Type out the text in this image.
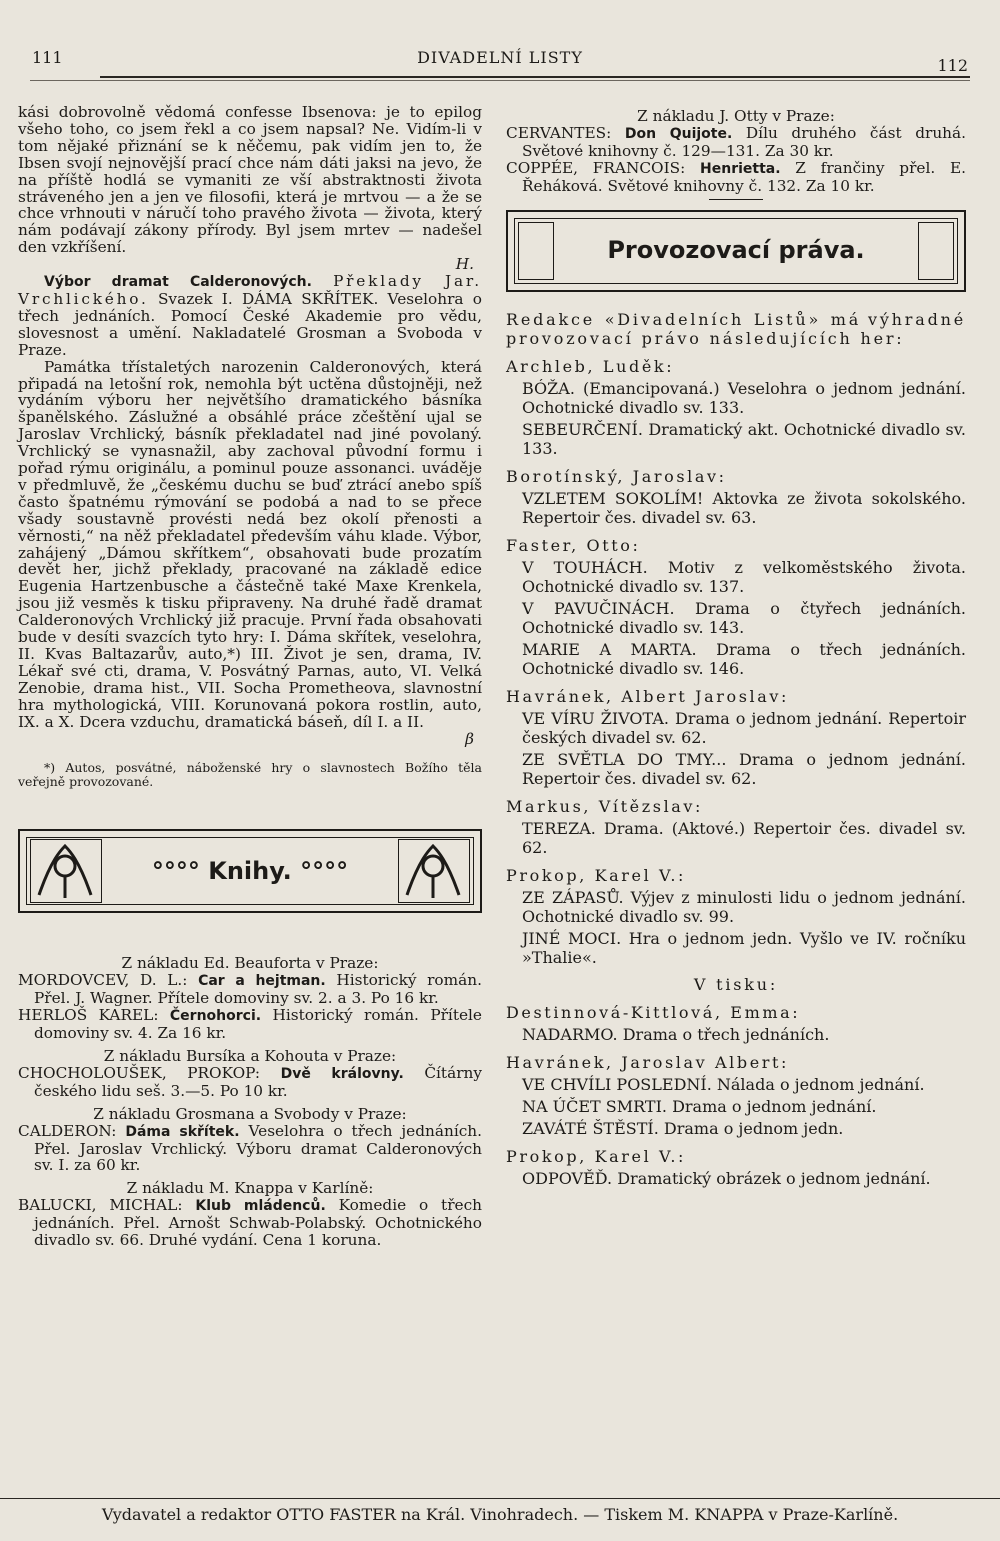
111	DIVADELNÍ LISTY	112

kási dobrovolně vědomá confesse Ibsenova: je to epilog všeho toho, co jsem řekl a co jsem napsal? Ne. Vidím-li v tom nějaké přiznání se k něčemu, pak vidím jen to, že Ibsen svojí nejnovější prací chce nám dáti jaksi na jevo, že na příště hodlá se vymaniti ze vší abstraktnosti života stráveného jen a jen ve filosofii, která je mrtvou — a že se chce vrhnouti v náručí toho pravého života — života, který nám podávají zákony přírody. Byl jsem mrtev — nadešel den vzkříšení.

H.

Výbor dramat Calderonových. Překlady Jar. Vrchlického. Svazek I. DÁMA SKŘÍTEK. Veselohra o třech jednáních. Pomocí České Akademie pro vědu, slovesnost a umění. Nakladatelé Grosman a Svoboda v Praze.

Památka třístaletých narozenin Calderonových, která připadá na letošní rok, nemohla být uctěna důstojněji, než vydáním výboru her největšího dramatického básníka španělského. Záslužné a obsáhlé práce zčeštění ujal se Jaroslav Vrchlický, básník překladatel nad jiné povolaný. Vrchlický se vynasnažil, aby zachoval původní formu i pořad rýmu originálu, a pominul pouze assonanci. uváděje v předmluvě, že „českému duchu se buď ztrácí anebo spíš často špatnému rýmování se podobá a nad to se přece všady soustavně provésti nedá bez okolí přenosti a věrnosti,“ na něž překladatel především váhu klade. Výbor, zahájený „Dámou skřítkem“, obsahovati bude prozatím devět her, jichž překlady, pracované na základě edice Eugenia Hartzenbusche a částečně také Maxe Krenkela, jsou již vesměs k tisku připraveny. Na druhé řadě dramat Calderonových Vrchlický již pracuje. První řada obsahovati bude v desíti svazcích tyto hry: I. Dáma skřítek, veselohra, II. Kvas Baltazarův, auto,*) III. Život je sen, drama, IV. Lékař své cti, drama, V. Posvátný Parnas, auto, VI. Velká Zenobie, drama hist., VII. Socha Prometheova, slavnostní hra mythologická, VIII. Korunovaná pokora rostlin, auto, IX. a X. Dcera vzduchu, dramatická báseň, díl I. a II.

β

*) Autos, posvátné, náboženské hry o slavnostech Božího těla veřejně provozované.

°°°° Knihy. °°°°

Z nákladu Ed. Beauforta v Praze:

MORDOVCEV, D. L.: Car a hejtman. Historický román. Přel. J. Wagner. Přítele domoviny sv. 2. a 3. Po 16 kr.

HERLOŠ KAREL: Černohorci. Historický román. Přítele domoviny sv. 4. Za 16 kr.

Z nákladu Bursíka a Kohouta v Praze:

CHOCHOLOUŠEK, PROKOP: Dvě královny. Čítárny českého lidu seš. 3.—5. Po 10 kr.

Z nákladu Grosmana a Svobody v Praze:

CALDERON: Dáma skřítek. Veselohra o třech jednáních. Přel. Jaroslav Vrchlický. Výboru dramat Calderonových sv. I. za 60 kr.

Z nákladu M. Knappa v Karlíně:

BALUCKI, MICHAL: Klub mládenců. Komedie o třech jednáních. Přel. Arnošt Schwab-Polabský. Ochotnického divadlo sv. 66. Druhé vydání. Cena 1 koruna.

Z nákladu J. Otty v Praze:

CERVANTES: Don Quijote. Dílu druhého část druhá. Světové knihovny č. 129—131. Za 30 kr.

COPPÉE, FRANCOIS: Henrietta. Z frančiny přel. E. Řeháková. Světové knihovny č. 132. Za 10 kr.

Provozovací práva.

Redakce «Divadelních Listů» má výhradné provozovací právo následujících her:

Archleb, Luděk:

BÓŽA. (Emancipovaná.) Veselohra o jednom jednání. Ochotnické divadlo sv. 133.

SEBEURČENÍ. Dramatický akt. Ochotnické divadlo sv. 133.

Borotínský, Jaroslav:

VZLETEM SOKOLÍM! Aktovka ze života sokolského. Repertoir čes. divadel sv. 63.

Faster, Otto:

V TOUHÁCH. Motiv z velkoměstského života. Ochotnické divadlo sv. 137.

V PAVUČINÁCH. Drama o čtyřech jednáních. Ochotnické divadlo sv. 143.

MARIE A MARTA. Drama o třech jednáních. Ochotnické divadlo sv. 146.

Havránek, Albert Jaroslav:

VE VÍRU ŽIVOTA. Drama o jednom jednání. Repertoir českých divadel sv. 62.

ZE SVĚTLA DO TMY... Drama o jednom jednání. Repertoir čes. divadel sv. 62.

Markus, Vítězslav:

TEREZA. Drama. (Aktové.) Repertoir čes. divadel sv. 62.

Prokop, Karel V.:

ZE ZÁPASŮ. Výjev z minulosti lidu o jednom jednání. Ochotnické divadlo sv. 99.

JINÉ MOCI. Hra o jednom jedn. Vyšlo ve IV. ročníku »Thalie«.

V tisku:

Destinnová-Kittlová, Emma:

NADARMO. Drama o třech jednáních.

Havránek, Jaroslav Albert:

VE CHVÍLI POSLEDNÍ. Nálada o jednom jednání.

NA ÚČET SMRTI. Drama o jednom jednání.

ZAVÁTÉ ŠTĚSTÍ. Drama o jednom jedn.

Prokop, Karel V.:

ODPOVĚĎ. Dramatický obrázek o jednom jednání.

Vydavatel a redaktor OTTO FASTER na Král. Vinohradech. — Tiskem M. KNAPPA v Praze-Karlíně.
